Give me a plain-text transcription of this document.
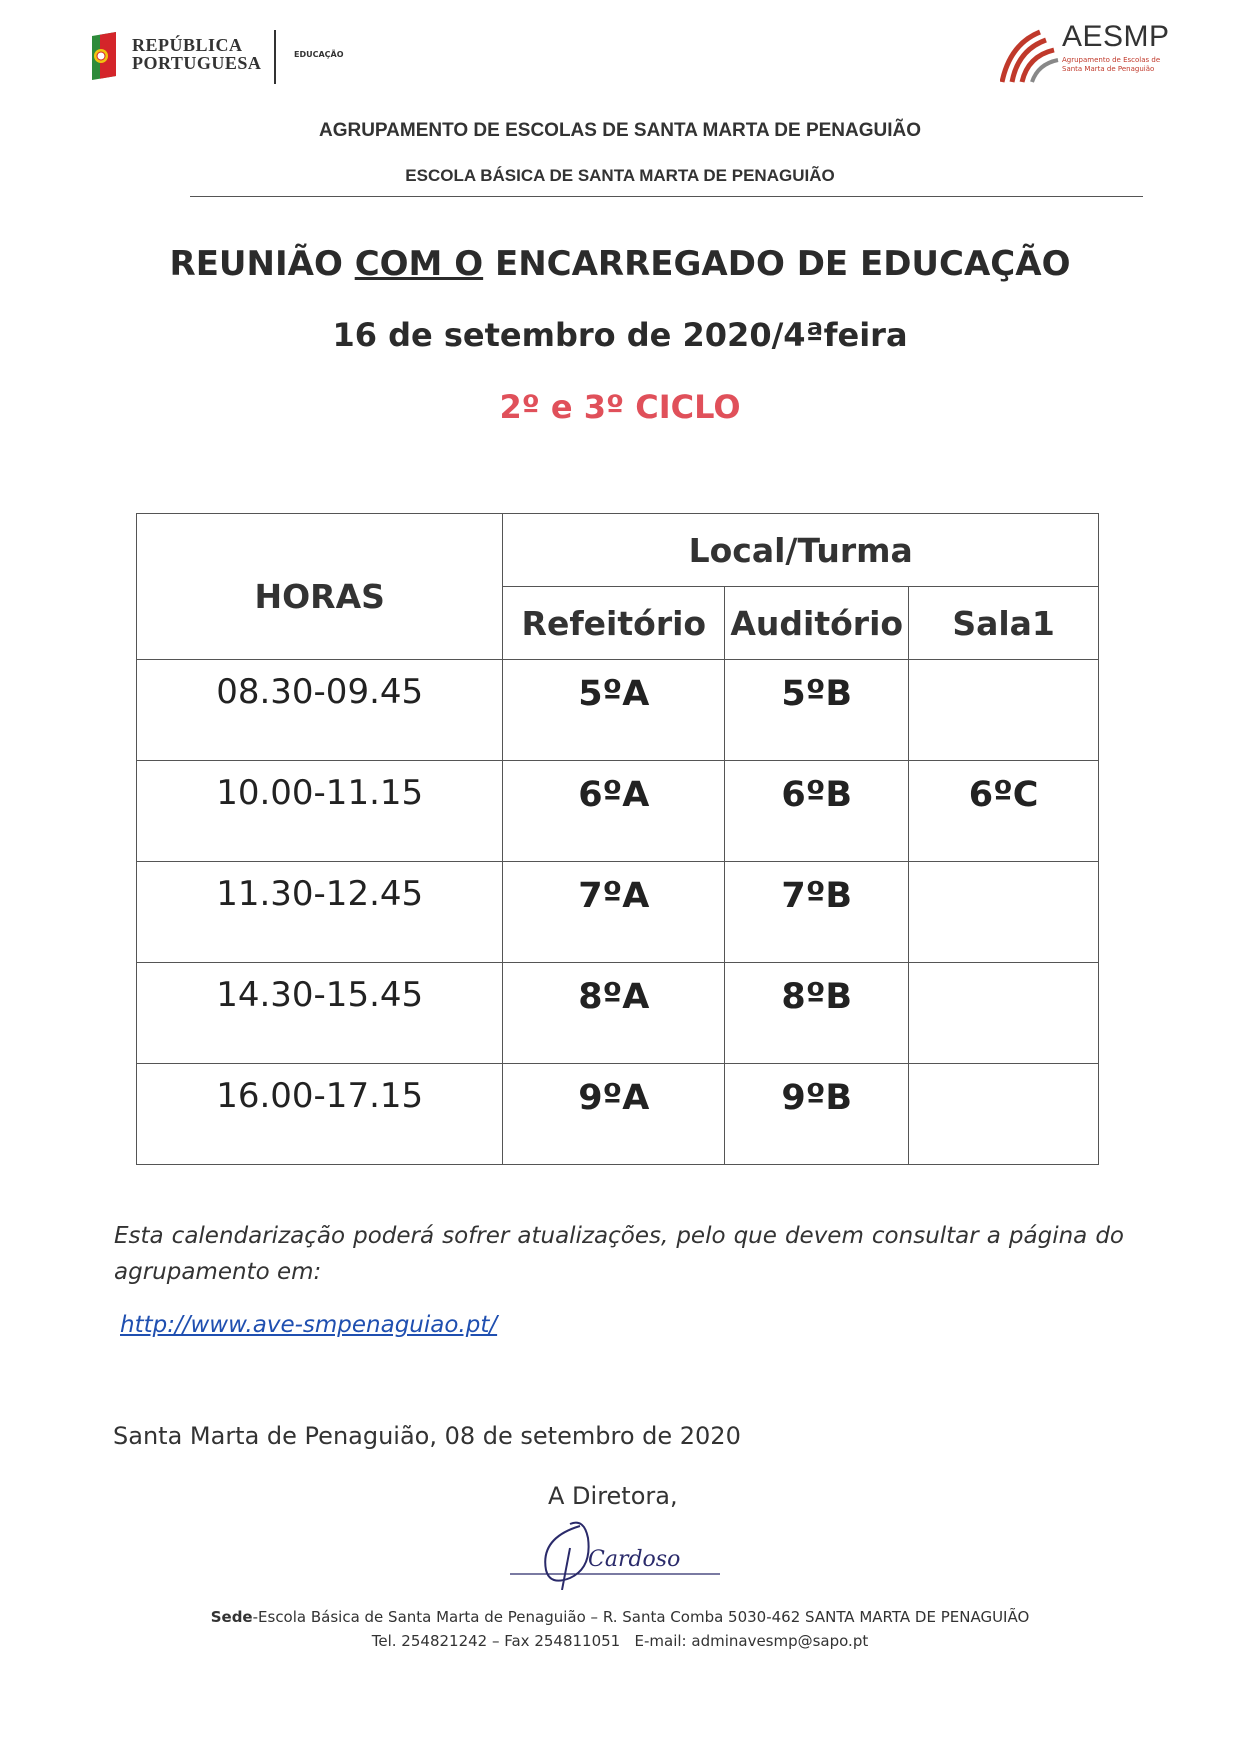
REPÚBLICA
PORTUGUESA	EDUCAÇÃO
AESMP
Agrupamento de Escolas de Santa Marta de Penaguião
AGRUPAMENTO DE ESCOLAS DE SANTA MARTA DE PENAGUIÃO
ESCOLA BÁSICA DE SANTA MARTA DE PENAGUIÃO
REUNIÃO COM O ENCARREGADO DE EDUCAÇÃO
16 de setembro de 2020/4ªfeira
2º e 3º CICLO
HORAS	Local/Turma		
	Refeitório	Auditório	Sala1
08.30-09.45	5ºA	5ºB	
10.00-11.15	6ºA	6ºB	6ºC
11.30-12.45	7ºA	7ºB	
14.30-15.45	8ºA	8ºB	
16.00-17.15	9ºA	9ºB	
Esta calendarização poderá sofrer atualizações, pelo que devem consultar a página do agrupamento em:
http://www.ave-smpenaguiao.pt/
Santa Marta de Penaguião, 08 de setembro de 2020
A Diretora,
Cardoso
Sede-Escola Básica de Santa Marta de Penaguião – R. Santa Comba 5030-462 SANTA MARTA DE PENAGUIÃO
Tel. 254821242 – Fax 254811051   E-mail: adminavesmp@sapo.pt
